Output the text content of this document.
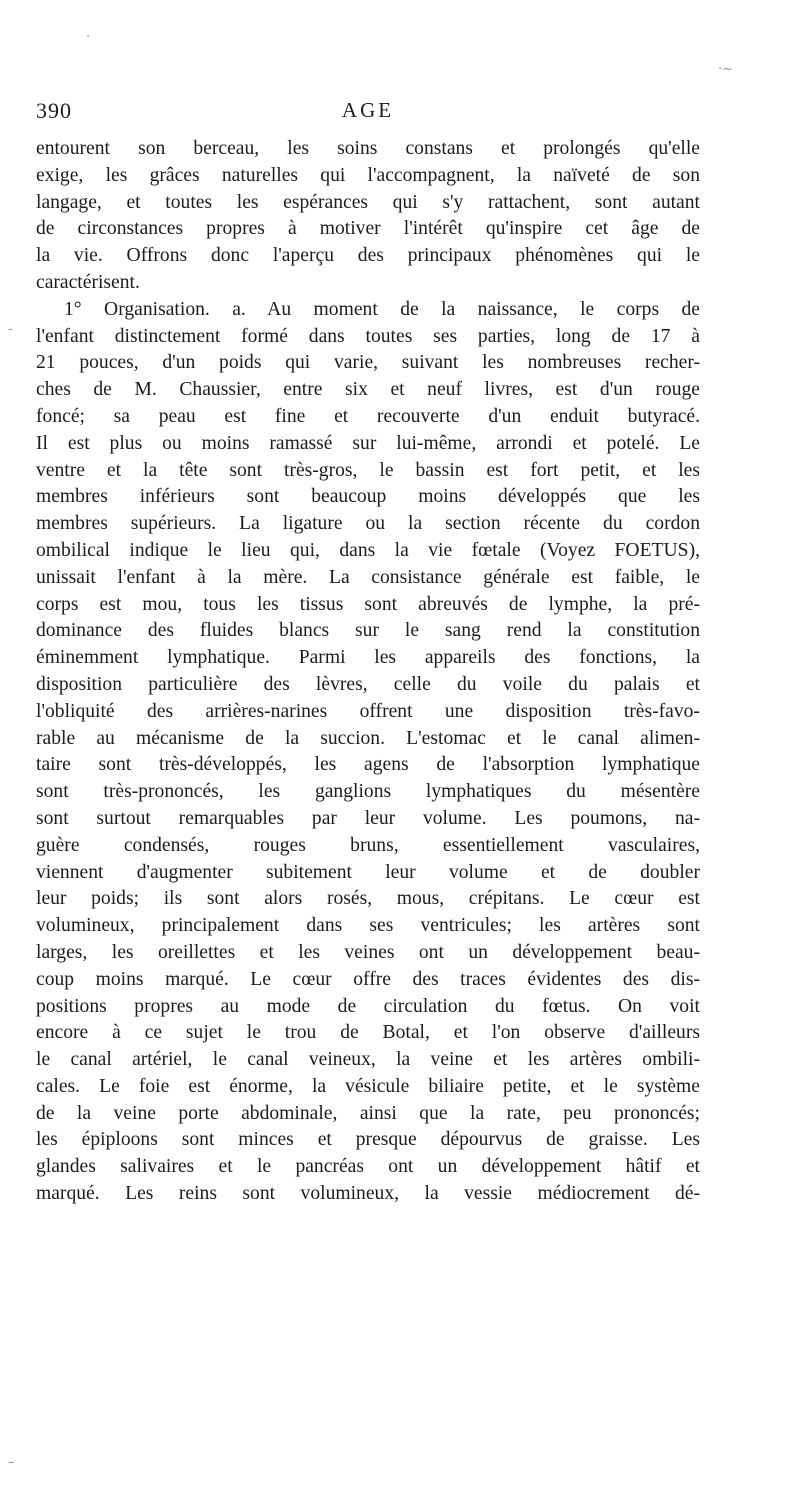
·
·~
390	AGE
entourent son berceau, les soins constans et prolongés qu'elle
exige, les grâces naturelles qui l'accompagnent, la naïveté de son
langage, et toutes les espérances qui s'y rattachent, sont autant
de circonstances propres à motiver l'intérêt qu'inspire cet âge de
la vie. Offrons donc l'aperçu des principaux phénomènes qui le
caractérisent.
1° Organisation. a. Au moment de la naissance, le corps de
l'enfant distinctement formé dans toutes ses parties, long de 17 à
21 pouces, d'un poids qui varie, suivant les nombreuses recher-
ches de M. Chaussier, entre six et neuf livres, est d'un rouge
foncé; sa peau est fine et recouverte d'un enduit butyracé.
Il est plus ou moins ramassé sur lui-même, arrondi et potelé. Le
ventre et la tête sont très-gros, le bassin est fort petit, et les
membres inférieurs sont beaucoup moins développés que les
membres supérieurs. La ligature ou la section récente du cordon
ombilical indique le lieu qui, dans la vie fœtale (Voyez FOETUS),
unissait l'enfant à la mère. La consistance générale est faible, le
corps est mou, tous les tissus sont abreuvés de lymphe, la pré-
dominance des fluides blancs sur le sang rend la constitution
éminemment lymphatique. Parmi les appareils des fonctions, la
disposition particulière des lèvres, celle du voile du palais et
l'obliquité des arrières-narines offrent une disposition très-favo-
rable au mécanisme de la succion. L'estomac et le canal alimen-
taire sont très-développés, les agens de l'absorption lymphatique
sont très-prononcés, les ganglions lymphatiques du mésentère
sont surtout remarquables par leur volume. Les poumons, na-
guère condensés, rouges bruns, essentiellement vasculaires,
viennent d'augmenter subitement leur volume et de doubler
leur poids; ils sont alors rosés, mous, crépitans. Le cœur est
volumineux, principalement dans ses ventricules; les artères sont
larges, les oreillettes et les veines ont un développement beau-
coup moins marqué. Le cœur offre des traces évidentes des dis-
positions propres au mode de circulation du fœtus. On voit
encore à ce sujet le trou de Botal, et l'on observe d'ailleurs
le canal artériel, le canal veineux, la veine et les artères ombili-
cales. Le foie est énorme, la vésicule biliaire petite, et le système
de la veine porte abdominale, ainsi que la rate, peu prononcés;
les épiploons sont minces et presque dépourvus de graisse. Les
glandes salivaires et le pancréas ont un développement hâtif et
marqué. Les reins sont volumineux, la vessie médiocrement dé-
-
–
